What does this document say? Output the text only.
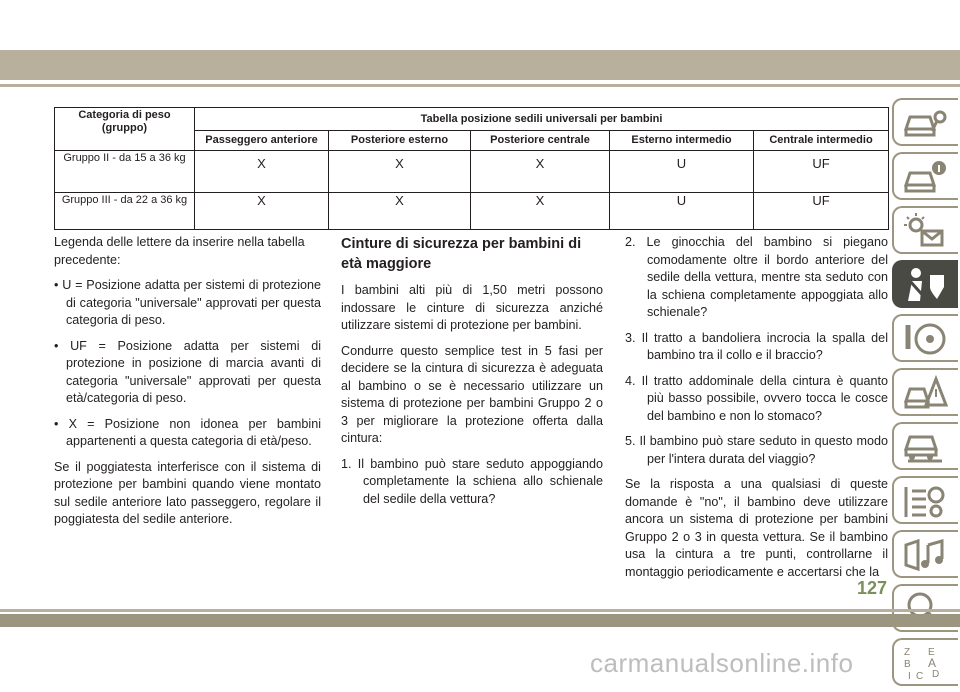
Categoria di peso (gruppo)	Tabella posizione sedili universali per bambini				
	Passeggero anteriore	Posteriore esterno	Posteriore centrale	Esterno intermedio	Centrale intermedio
Gruppo II - da 15 a 36 kg	X	X	X	U	UF
Gruppo III - da 22 a 36 kg	X	X	X	U	UF

Legenda delle lettere da inserire nella tabella precedente:

• U = Posizione adatta per sistemi di protezione di categoria "universale" approvati per questa categoria di peso.

• UF = Posizione adatta per sistemi di protezione in posizione di marcia avanti di categoria "universale" approvati per questa età/categoria di peso.

• X = Posizione non idonea per bambini appartenenti a questa categoria di età/peso.

Se il poggiatesta interferisce con il sistema di protezione per bambini quando viene montato sul sedile anteriore lato passeggero, regolare il poggiatesta del sedile anteriore.

Cinture di sicurezza per bambini di età maggiore

I bambini alti più di 1,50 metri possono indossare le cinture di sicurezza anziché utilizzare sistemi di protezione per bambini.

Condurre questo semplice test in 5 fasi per decidere se la cintura di sicurezza è adeguata al bambino o se è necessario utilizzare un sistema di protezione per bambini Gruppo 2 o 3 per migliorare la protezione offerta dalla cintura:

1. Il bambino può stare seduto appoggiando completamente la schiena allo schienale del sedile della vettura?

2. Le ginocchia del bambino si piegano comodamente oltre il bordo anteriore del sedile della vettura, mentre sta seduto con la schiena completamente appoggiata allo schienale?

3. Il tratto a bandoliera incrocia la spalla del bambino tra il collo e il braccio?

4. Il tratto addominale della cintura è quanto più basso possibile, ovvero tocca le cosce del bambino e non lo stomaco?

5. Il bambino può stare seduto in questo modo per l'intera durata del viaggio?

Se la risposta a una qualsiasi di queste domande è "no", il bambino deve utilizzare ancora un sistema di protezione per bambini Gruppo 2 o 3 in questa vettura. Se il bambino usa la cintura a tre punti, controllarne il montaggio periodicamente e accertarsi che la

Z E
B A
I C D
127
carmanualsonline.info
